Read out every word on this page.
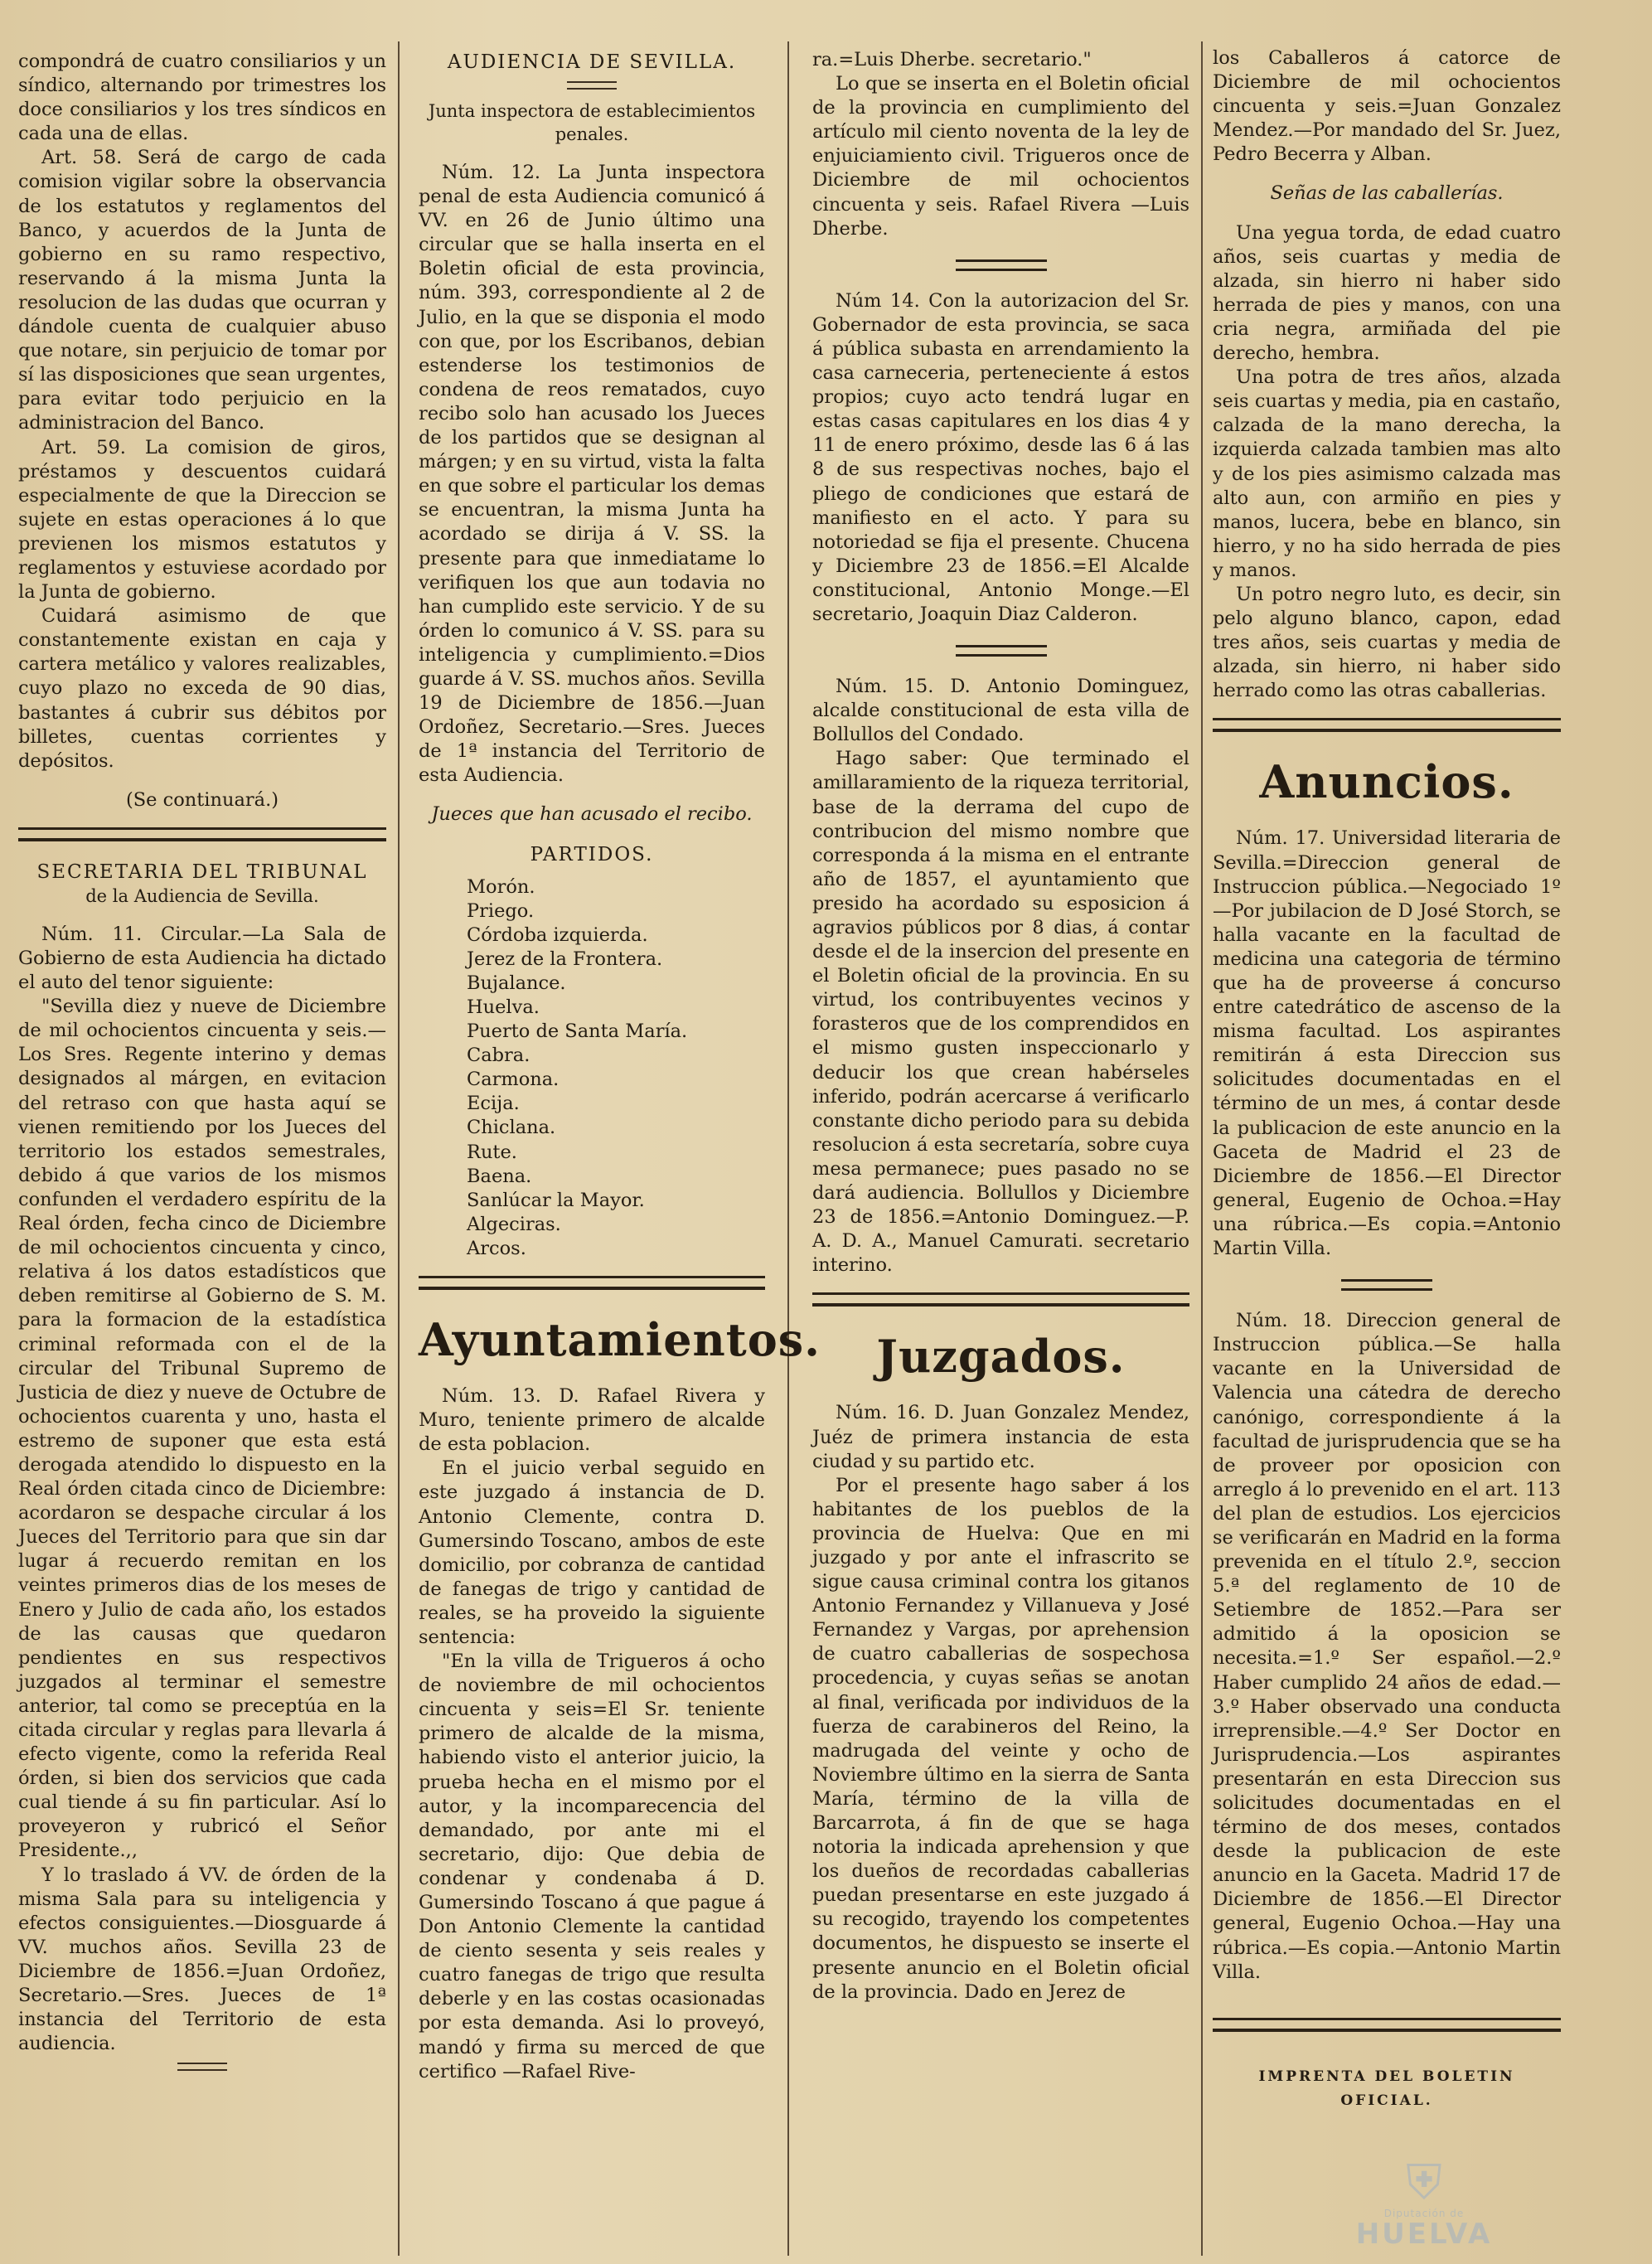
compondrá de cuatro consiliarios y un síndico, alternando por trimestres los doce consiliarios y los tres síndicos en cada una de ellas.

Art. 58. Será de cargo de cada comision vigilar sobre la observancia de los estatutos y reglamentos del Banco, y acuerdos de la Junta de gobierno en su ramo respectivo, reservando á la misma Junta la resolucion de las dudas que ocurran y dándole cuenta de cualquier abuso que notare, sin perjuicio de tomar por sí las disposiciones que sean urgentes, para evitar todo perjuicio en la administracion del Banco.

Art. 59. La comision de giros, préstamos y descuentos cuidará especialmente de que la Direccion se sujete en estas operaciones á lo que previenen los mismos estatutos y reglamentos y estuviese acordado por la Junta de gobierno.

Cuidará asimismo de que constantemente existan en caja y cartera metálico y valores realizables, cuyo plazo no exceda de 90 dias, bastantes á cubrir sus débitos por billetes, cuentas corrientes y depósitos.

(Se continuará.)

SECRETARIA DEL TRIBUNAL

de la Audiencia de Sevilla.

Núm. 11. Circular.—La Sala de Gobierno de esta Audiencia ha dictado el auto del tenor siguiente:

"Sevilla diez y nueve de Diciembre de mil ochocientos cincuenta y seis.—Los Sres. Regente interino y demas designados al márgen, en evitacion del retraso con que hasta aquí se vienen remitiendo por los Jueces del territorio los estados semestrales, debido á que varios de los mismos confunden el verdadero espíritu de la Real órden, fecha cinco de Diciembre de mil ochocientos cincuenta y cinco, relativa á los datos estadísticos que deben remitirse al Gobierno de S. M. para la formacion de la estadística criminal reformada con el de la circular del Tribunal Supremo de Justicia de diez y nueve de Octubre de ochocientos cuarenta y uno, hasta el estremo de suponer que esta está derogada atendido lo dispuesto en la Real órden citada cinco de Diciembre: acordaron se despache circular á los Jueces del Territorio para que sin dar lugar á recuerdo remitan en los veintes primeros dias de los meses de Enero y Julio de cada año, los estados de las causas que quedaron pendientes en sus respectivos juzgados al terminar el semestre anterior, tal como se preceptúa en la citada circular y reglas para llevarla á efecto vigente, como la referida Real órden, si bien dos servicios que cada cual tiende á su fin particular. Así lo proveyeron y rubricó el Señor Presidente.,,

Y lo traslado á VV. de órden de la misma Sala para su inteligencia y efectos consiguientes.—Diosguarde á VV. muchos años. Sevilla 23 de Diciembre de 1856.=Juan Ordoñez, Secretario.—Sres. Jueces de 1ª instancia del Territorio de esta audiencia.

AUDIENCIA DE SEVILLA.

Junta inspectora de establecimientos penales.

Núm. 12. La Junta inspectora penal de esta Audiencia comunicó á VV. en 26 de Junio último una circular que se halla inserta en el Boletin oficial de esta provincia, núm. 393, correspondiente al 2 de Julio, en la que se disponia el modo con que, por los Escribanos, debian estenderse los testimonios de condena de reos rematados, cuyo recibo solo han acusado los Jueces de los partidos que se designan al márgen; y en su virtud, vista la falta en que sobre el particular los demas se encuentran, la misma Junta ha acordado se dirija á V. SS. la presente para que inmediatame lo verifiquen los que aun todavia no han cumplido este servicio. Y de su órden lo comunico á V. SS. para su inteligencia y cumplimiento.=Dios guarde á V. SS. muchos años. Sevilla 19 de Diciembre de 1856.—Juan Ordoñez, Secretario.—Sres. Jueces de 1ª instancia del Territorio de esta Audiencia.

Jueces que han acusado el recibo.

PARTIDOS.

Morón.
Priego.
Córdoba izquierda.
Jerez de la Frontera.
Bujalance.
Huelva.
Puerto de Santa María.
Cabra.
Carmona.
Ecija.
Chiclana.
Rute.
Baena.
Sanlúcar la Mayor.
Algeciras.
Arcos.

Ayuntamientos.

Núm. 13. D. Rafael Rivera y Muro, teniente primero de alcalde de esta poblacion.

En el juicio verbal seguido en este juzgado á instancia de D. Antonio Clemente, contra D. Gumersindo Toscano, ambos de este domicilio, por cobranza de cantidad de fanegas de trigo y cantidad de reales, se ha proveido la siguiente sentencia:

"En la villa de Trigueros á ocho de noviembre de mil ochocientos cincuenta y seis=El Sr. teniente primero de alcalde de la misma, habiendo visto el anterior juicio, la prueba hecha en el mismo por el autor, y la incomparecencia del demandado, por ante mi el secretario, dijo: Que debia de condenar y condenaba á D. Gumersindo Toscano á que pague á Don Antonio Clemente la cantidad de ciento sesenta y seis reales y cuatro fanegas de trigo que resulta deberle y en las costas ocasionadas por esta demanda. Asi lo proveyó, mandó y firma su merced de que certifico —Rafael Rive-

ra.=Luis Dherbe. secretario."

Lo que se inserta en el Boletin oficial de la provincia en cumplimiento del artículo mil ciento noventa de la ley de enjuiciamiento civil. Trigueros once de Diciembre de mil ochocientos cincuenta y seis. Rafael Rivera —Luis Dherbe.

Núm 14. Con la autorizacion del Sr. Gobernador de esta provincia, se saca á pública subasta en arrendamiento la casa carneceria, perteneciente á estos propios; cuyo acto tendrá lugar en estas casas capitulares en los dias 4 y 11 de enero próximo, desde las 6 á las 8 de sus respectivas noches, bajo el pliego de condiciones que estará de manifiesto en el acto. Y para su notoriedad se fija el presente. Chucena y Diciembre 23 de 1856.=El Alcalde constitucional, Antonio Monge.—El secretario, Joaquin Diaz Calderon.

Núm. 15. D. Antonio Dominguez, alcalde constitucional de esta villa de Bollullos del Condado.

Hago saber: Que terminado el amillaramiento de la riqueza territorial, base de la derrama del cupo de contribucion del mismo nombre que corresponda á la misma en el entrante año de 1857, el ayuntamiento que presido ha acordado su esposicion á agravios públicos por 8 dias, á contar desde el de la insercion del presente en el Boletin oficial de la provincia. En su virtud, los contribuyentes vecinos y forasteros que de los comprendidos en el mismo gusten inspeccionarlo y deducir los que crean habérseles inferido, podrán acercarse á verificarlo constante dicho periodo para su debida resolucion á esta secretaría, sobre cuya mesa permanece; pues pasado no se dará audiencia. Bollullos y Diciembre 23 de 1856.=Antonio Dominguez.—P. A. D. A., Manuel Camurati. secretario interino.

Juzgados.

Núm. 16. D. Juan Gonzalez Mendez, Juéz de primera instancia de esta ciudad y su partido etc.

Por el presente hago saber á los habitantes de los pueblos de la provincia de Huelva: Que en mi juzgado y por ante el infrascrito se sigue causa criminal contra los gitanos Antonio Fernandez y Villanueva y José Fernandez y Vargas, por aprehension de cuatro caballerias de sospechosa procedencia, y cuyas señas se anotan al final, verificada por individuos de la fuerza de carabineros del Reino, la madrugada del veinte y ocho de Noviembre último en la sierra de Santa María, término de la villa de Barcarrota, á fin de que se haga notoria la indicada aprehension y que los dueños de recordadas caballerias puedan presentarse en este juzgado á su recogido, trayendo los competentes documentos, he dispuesto se inserte el presente anuncio en el Boletin oficial de la provincia. Dado en Jerez de

los Caballeros á catorce de Diciembre de mil ochocientos cincuenta y seis.=Juan Gonzalez Mendez.—Por mandado del Sr. Juez, Pedro Becerra y Alban.

Señas de las caballerías.

Una yegua torda, de edad cuatro años, seis cuartas y media de alzada, sin hierro ni haber sido herrada de pies y manos, con una cria negra, armiñada del pie derecho, hembra.

Una potra de tres años, alzada seis cuartas y media, pia en castaño, calzada de la mano derecha, la izquierda calzada tambien mas alto y de los pies asimismo calzada mas alto aun, con armiño en pies y manos, lucera, bebe en blanco, sin hierro, y no ha sido herrada de pies y manos.

Un potro negro luto, es decir, sin pelo alguno blanco, capon, edad tres años, seis cuartas y media de alzada, sin hierro, ni haber sido herrado como las otras caballerias.

Anuncios.

Núm. 17. Universidad literaria de Sevilla.=Direccion general de Instruccion pública.—Negociado 1º —Por jubilacion de D José Storch, se halla vacante en la facultad de medicina una categoria de término que ha de proveerse á concurso entre catedrático de ascenso de la misma facultad. Los aspirantes remitirán á esta Direccion sus solicitudes documentadas en el término de un mes, á contar desde la publicacion de este anuncio en la Gaceta de Madrid el 23 de Diciembre de 1856.—El Director general, Eugenio de Ochoa.=Hay una rúbrica.—Es copia.=Antonio Martin Villa.

Núm. 18. Direccion general de Instruccion pública.—Se halla vacante en la Universidad de Valencia una cátedra de derecho canónigo, correspondiente á la facultad de jurisprudencia que se ha de proveer por oposicion con arreglo á lo prevenido en el art. 113 del plan de estudios. Los ejercicios se verificarán en Madrid en la forma prevenida en el título 2.º, seccion 5.ª del reglamento de 10 de Setiembre de 1852.—Para ser admitido á la oposicion se necesita.=1.º Ser español.—2.º Haber cumplido 24 años de edad.—3.º Haber observado una conducta irreprensible.—4.º Ser Doctor en Jurisprudencia.—Los aspirantes presentarán en esta Direccion sus solicitudes documentadas en el término de dos meses, contados desde la publicacion de este anuncio en la Gaceta. Madrid 17 de Diciembre de 1856.—El Director general, Eugenio Ochoa.—Hay una rúbrica.—Es copia.—Antonio Martin Villa.

IMPRENTA DEL BOLETIN OFICIAL.

⛨
Diputación de
HUELVA
